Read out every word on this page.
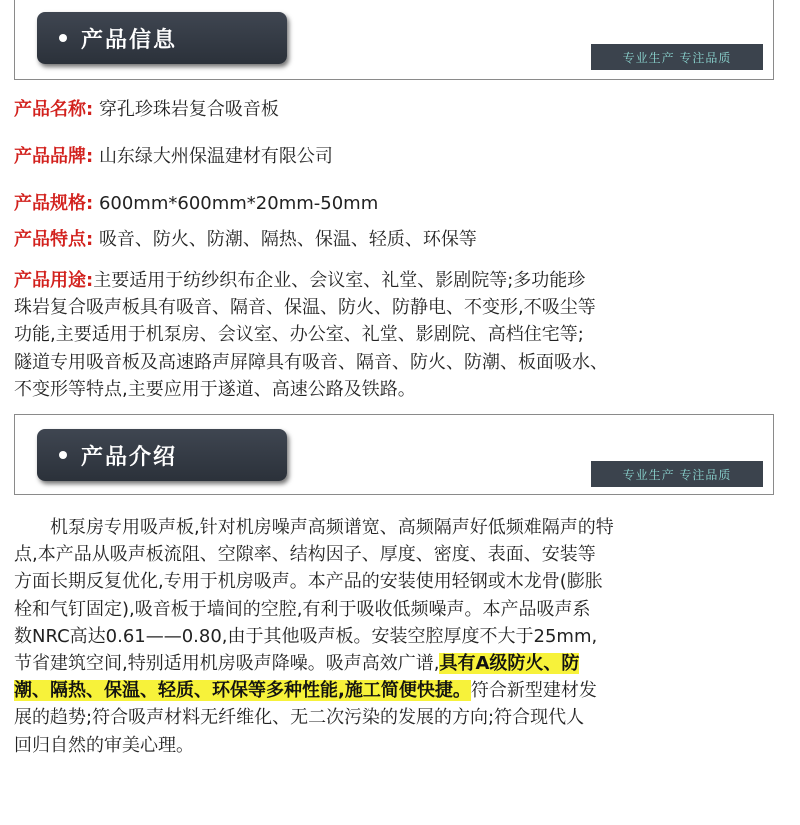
产品信息
专业生产 专注品质
产品名称: 穿孔珍珠岩复合吸音板
产品品牌: 山东绿大州保温建材有限公司
产品规格: 600mm*600mm*20mm-50mm
产品特点: 吸音、防火、防潮、隔热、保温、轻质、环保等
产品用途:主要适用于纺纱织布企业、会议室、礼堂、影剧院等;多功能珍
珠岩复合吸声板具有吸音、隔音、保温、防火、防静电、不变形,不吸尘等
功能,主要适用于机泵房、会议室、办公室、礼堂、影剧院、高档住宅等;
隧道专用吸音板及高速路声屏障具有吸音、隔音、防火、防潮、板面吸水、
不变形等特点,主要应用于遂道、高速公路及铁路。
产品介绍
专业生产 专注品质
机泵房专用吸声板,针对机房噪声高频谱宽、高频隔声好低频难隔声的特
点,本产品从吸声板流阻、空隙率、结构因子、厚度、密度、表面、安装等
方面长期反复优化,专用于机房吸声。本产品的安装使用轻钢或木龙骨(膨胀
栓和气钉固定),吸音板于墙间的空腔,有利于吸收低频噪声。本产品吸声系
数NRC高达0.61——0.80,由于其他吸声板。安装空腔厚度不大于25mm,
节省建筑空间,特别适用机房吸声降噪。吸声高效广谱,具有A级防火、防
潮、隔热、保温、轻质、环保等多种性能,施工简便快捷。符合新型建材发
展的趋势;符合吸声材料无纤维化、无二次污染的发展的方向;符合现代人
回归自然的审美心理。
